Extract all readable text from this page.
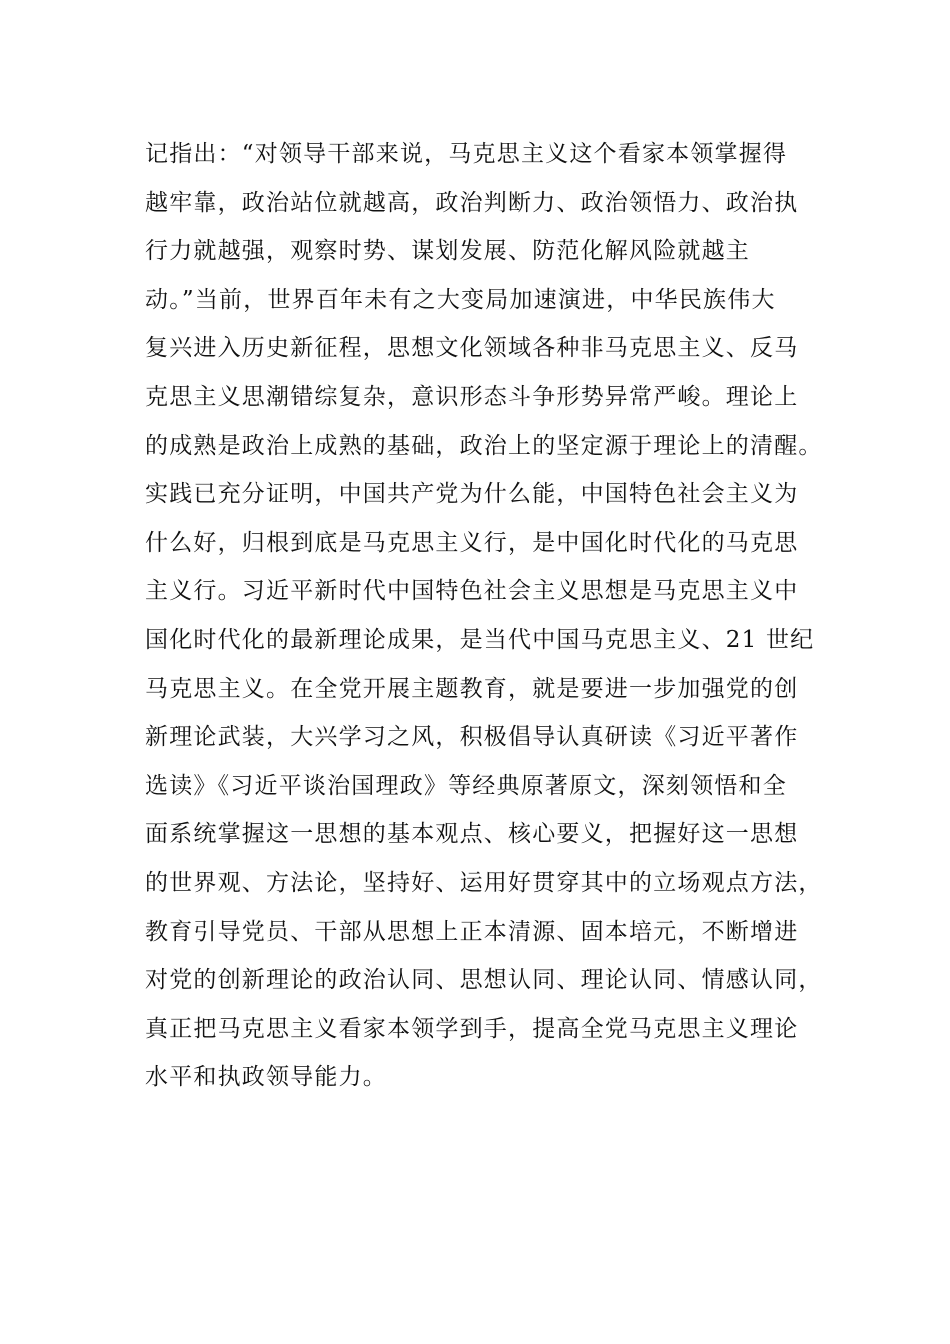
记指出：“对领导干部来说，马克思主义这个看家本领掌握得
越牢靠，政治站位就越高，政治判断力、政治领悟力、政治执
行力就越强，观察时势、谋划发展、防范化解风险就越主
动。”当前，世界百年未有之大变局加速演进，中华民族伟大
复兴进入历史新征程，思想文化领域各种非马克思主义、反马
克思主义思潮错综复杂，意识形态斗争形势异常严峻。理论上
的成熟是政治上成熟的基础，政治上的坚定源于理论上的清醒。
实践已充分证明，中国共产党为什么能，中国特色社会主义为
什么好，归根到底是马克思主义行，是中国化时代化的马克思
主义行。习近平新时代中国特色社会主义思想是马克思主义中
国化时代化的最新理论成果，是当代中国马克思主义、21 世纪
马克思主义。在全党开展主题教育，就是要进一步加强党的创
新理论武装，大兴学习之风，积极倡导认真研读《习近平著作
选读》《习近平谈治国理政》等经典原著原文，深刻领悟和全
面系统掌握这一思想的基本观点、核心要义，把握好这一思想
的世界观、方法论，坚持好、运用好贯穿其中的立场观点方法，
教育引导党员、干部从思想上正本清源、固本培元，不断增进
对党的创新理论的政治认同、思想认同、理论认同、情感认同，
真正把马克思主义看家本领学到手，提高全党马克思主义理论
水平和执政领导能力。
